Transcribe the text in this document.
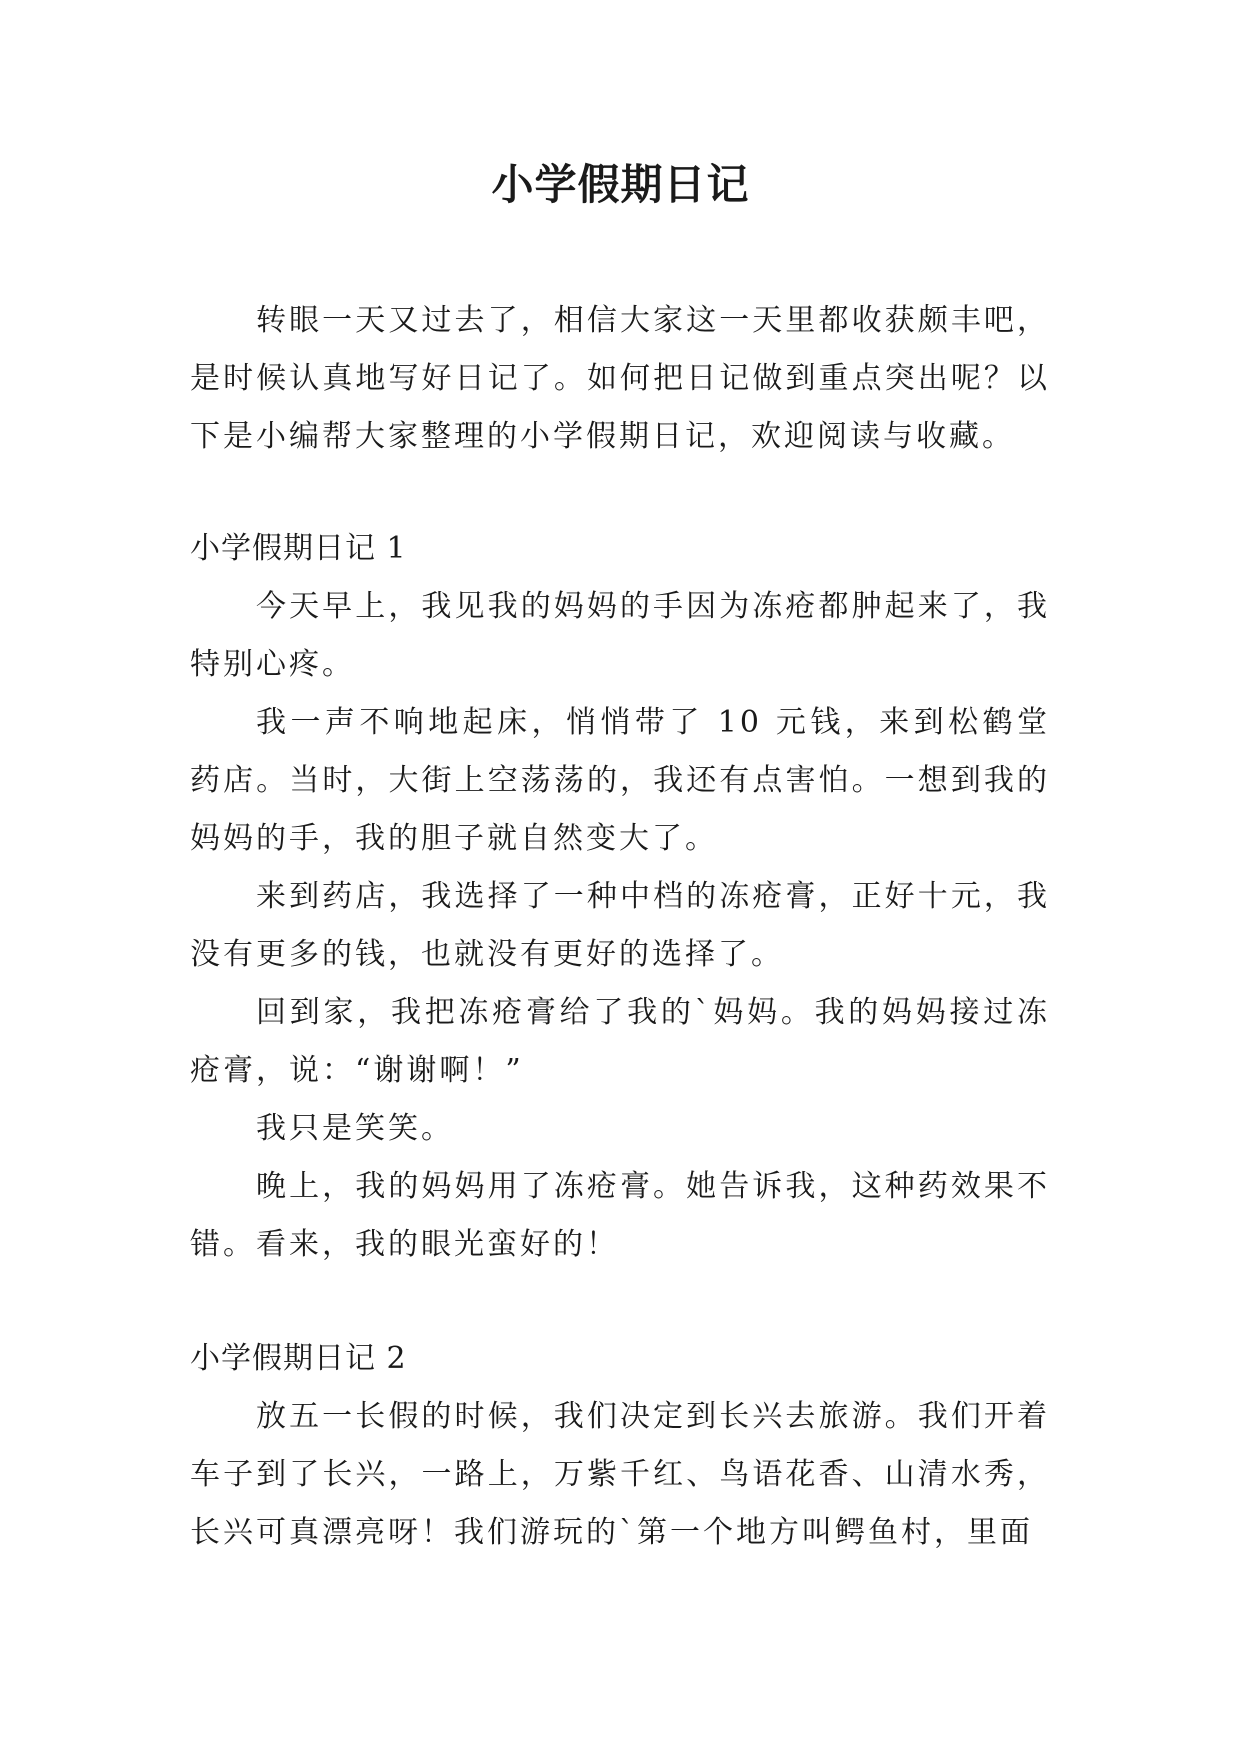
小学假期日记

转眼一天又过去了，相信大家这一天里都收获颇丰吧，是时候认真地写好日记了。如何把日记做到重点突出呢？以下是小编帮大家整理的小学假期日记，欢迎阅读与收藏。

小学假期日记 1

今天早上，我见我的妈妈的手因为冻疮都肿起来了，我特别心疼。

我一声不响地起床，悄悄带了 10 元钱，来到松鹤堂药店。当时，大街上空荡荡的，我还有点害怕。一想到我的妈妈的手，我的胆子就自然变大了。

来到药店，我选择了一种中档的冻疮膏，正好十元，我没有更多的钱，也就没有更好的选择了。

回到家，我把冻疮膏给了我的`妈妈。我的妈妈接过冻疮膏，说：“谢谢啊！”

我只是笑笑。

晚上，我的妈妈用了冻疮膏。她告诉我，这种药效果不错。看来，我的眼光蛮好的！

小学假期日记 2

放五一长假的时候，我们决定到长兴去旅游。我们开着车子到了长兴，一路上，万紫千红、鸟语花香、山清水秀，长兴可真漂亮呀！我们游玩的`第一个地方叫鳄鱼村，里面
